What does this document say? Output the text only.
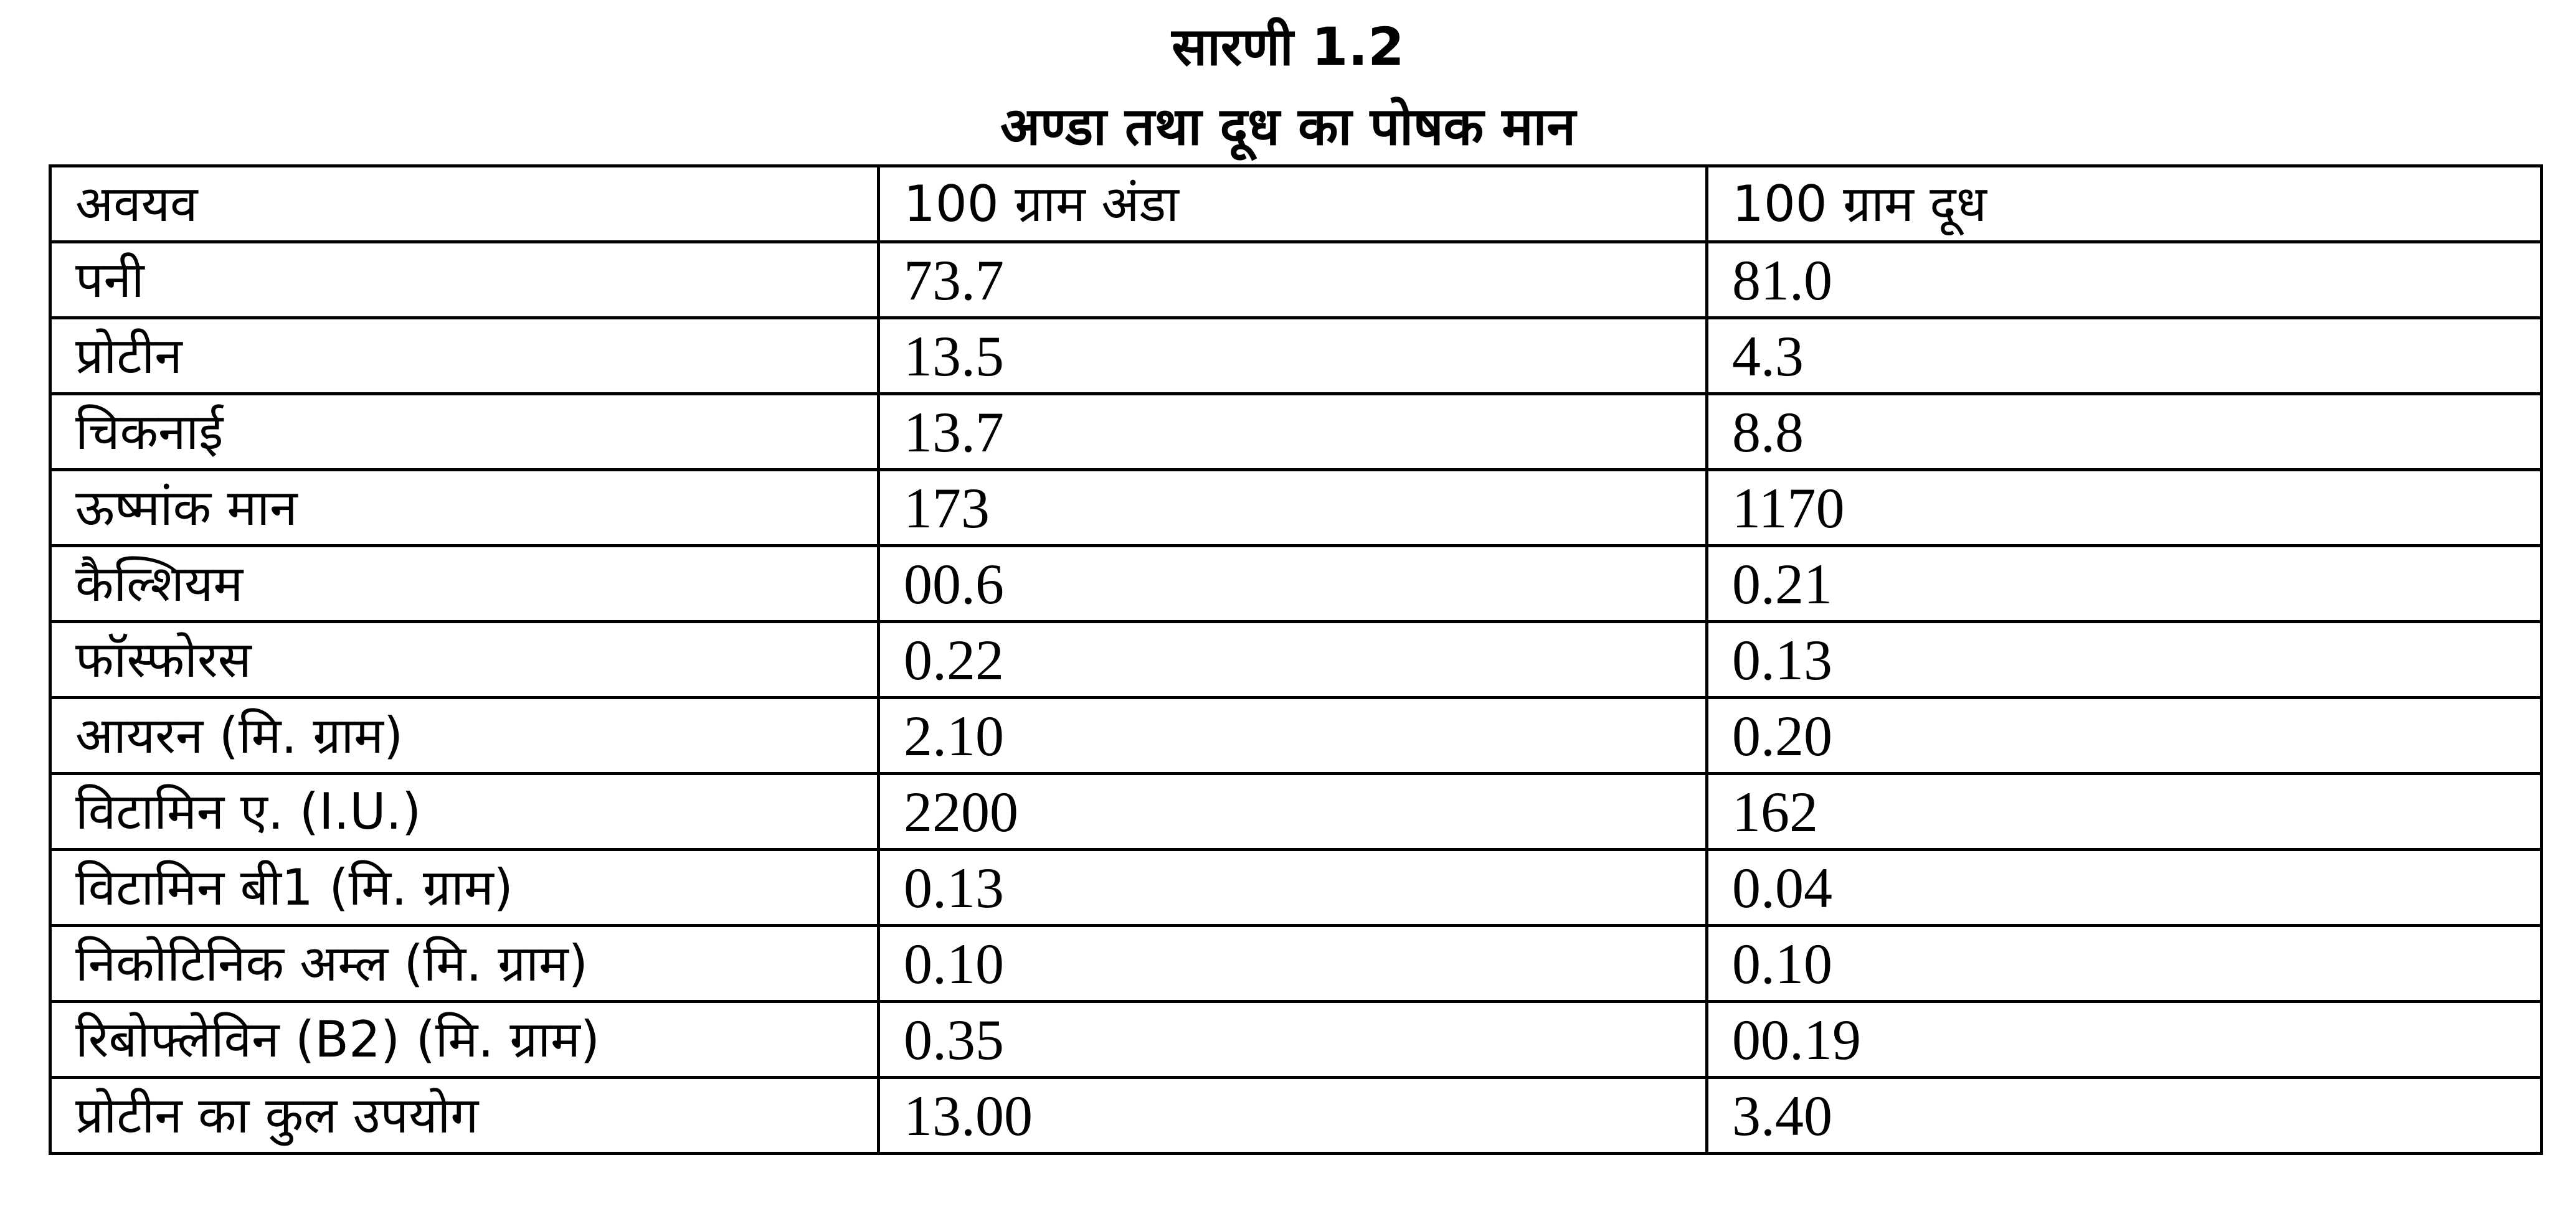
सारणी 1.2
अण्डा तथा दूध का पोषक मान
अवयव	100 ग्राम अंडा	100 ग्राम दूध
पनी	73.7	81.0
प्रोटीन	13.5	4.3
चिकनाई	13.7	8.8
ऊष्मांक मान	173	1170
कैल्शियम	00.6	0.21
फॉस्फोरस	0.22	0.13
आयरन (मि. ग्राम)	2.10	0.20
विटामिन ए. (I.U.)	2200	162
विटामिन बी1 (मि. ग्राम)	0.13	0.04
निकोटिनिक अम्ल (मि. ग्राम)	0.10	0.10
रिबोफ्लेविन (B2) (मि. ग्राम)	0.35	00.19
प्रोटीन का कुल उपयोग	13.00	3.40
